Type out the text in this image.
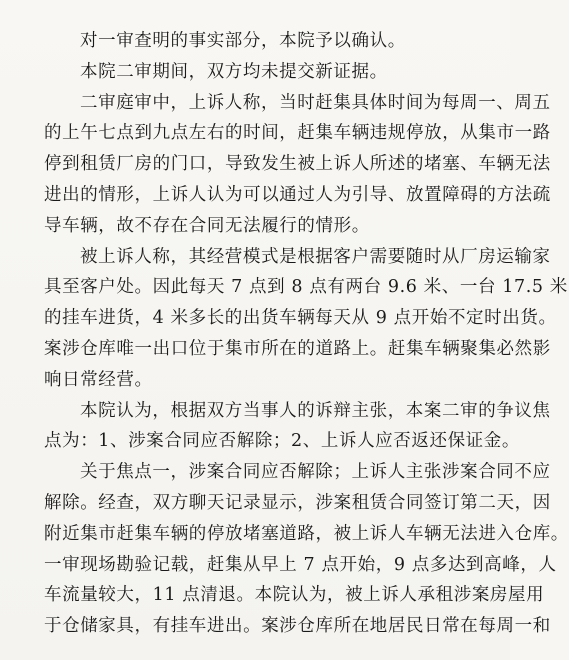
对一审查明的事实部分，本院予以确认。
本院二审期间，双方均未提交新证据。
二审庭审中，上诉人称，当时赶集具体时间为每周一、周五
的上午七点到九点左右的时间，赶集车辆违规停放，从集市一路
停到租赁厂房的门口，导致发生被上诉人所述的堵塞、车辆无法
进出的情形，上诉人认为可以通过人为引导、放置障碍的方法疏
导车辆，故不存在合同无法履行的情形。
被上诉人称，其经营模式是根据客户需要随时从厂房运输家
具至客户处。因此每天 7 点到 8 点有两台 9.6 米、一台 17.5 米
的挂车进货，4 米多长的出货车辆每天从 9 点开始不定时出货。
案涉仓库唯一出口位于集市所在的道路上。赶集车辆聚集必然影
响日常经营。
本院认为，根据双方当事人的诉辩主张，本案二审的争议焦
点为：1、涉案合同应否解除；2、上诉人应否返还保证金。
关于焦点一，涉案合同应否解除；上诉人主张涉案合同不应
解除。经查，双方聊天记录显示，涉案租赁合同签订第二天，因
附近集市赶集车辆的停放堵塞道路，被上诉人车辆无法进入仓库。
一审现场勘验记载，赶集从早上 7 点开始，9 点多达到高峰，人
车流量较大，11 点清退。本院认为，被上诉人承租涉案房屋用
于仓储家具，有挂车进出。案涉仓库所在地居民日常在每周一和
